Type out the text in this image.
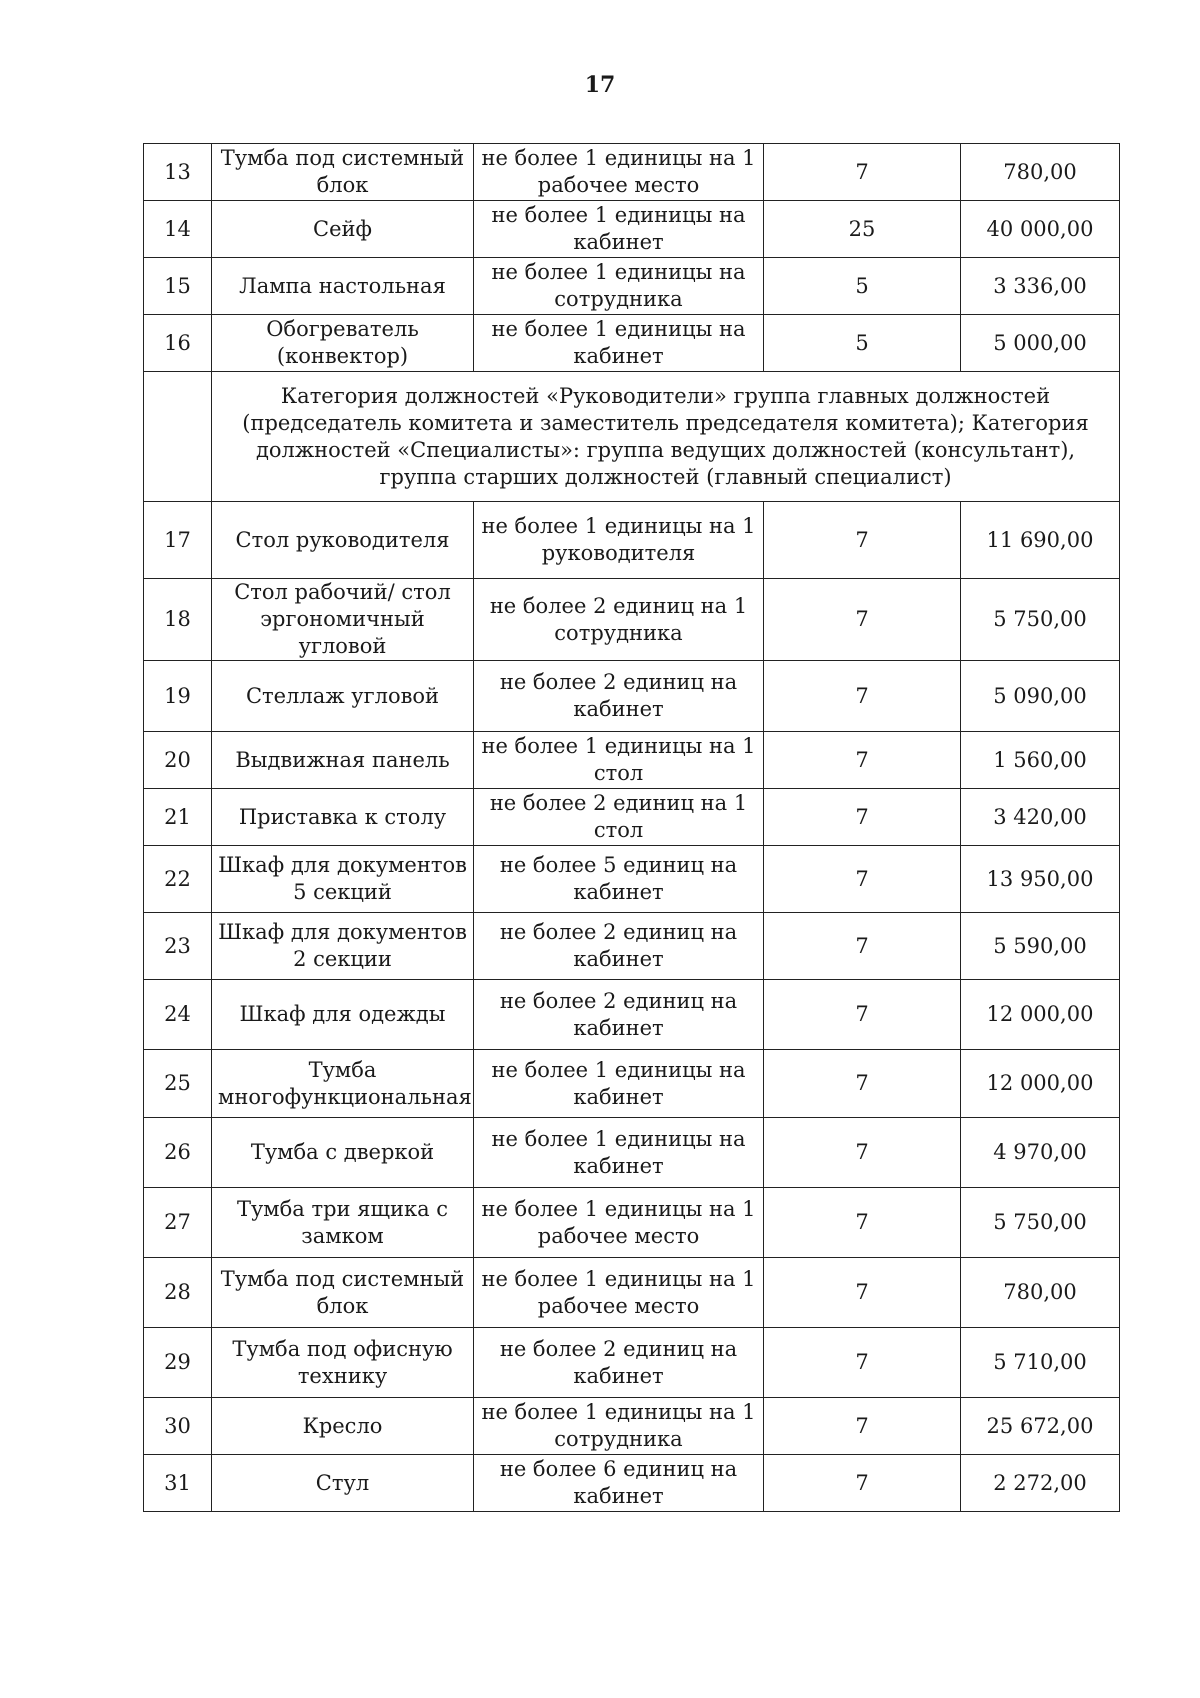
17
13	Тумба под системный блок	не более 1 единицы на 1 рабочее место	7	780,00
14	Сейф	не более 1 единицы на кабинет	25	40 000,00
15	Лампа настольная	не более 1 единицы на сотрудника	5	3 336,00
16	Обогреватель (конвектор)	не более 1 единицы на кабинет	5	5 000,00
	Категория должностей «Руководители» группа главных должностей (председатель комитета и заместитель председателя комитета); Категория должностей «Специалисты»: группа ведущих должностей (консультант), группа старших должностей (главный специалист)			
17	Стол руководителя	не более 1 единицы на 1 руководителя	7	11 690,00
18	Стол рабочий/ стол эргономичный угловой	не более 2 единиц на 1 сотрудника	7	5 750,00
19	Стеллаж угловой	не более 2 единиц на кабинет	7	5 090,00
20	Выдвижная панель	не более 1 единицы на 1 стол	7	1 560,00
21	Приставка к столу	не более 2 единиц на 1 стол	7	3 420,00
22	Шкаф для документов 5 секций	не более 5 единиц на кабинет	7	13 950,00
23	Шкаф для документов 2 секции	не более 2 единиц на кабинет	7	5 590,00
24	Шкаф для одежды	не более 2 единиц на кабинет	7	12 000,00
25	Тумба многофункциональная	не более 1 единицы на кабинет	7	12 000,00
26	Тумба с дверкой	не более 1 единицы на кабинет	7	4 970,00
27	Тумба три ящика с замком	не более 1 единицы на 1 рабочее место	7	5 750,00
28	Тумба под системный блок	не более 1 единицы на 1 рабочее место	7	780,00
29	Тумба под офисную технику	не более 2 единиц на кабинет	7	5 710,00
30	Кресло	не более 1 единицы на 1 сотрудника	7	25 672,00
31	Стул	не более 6 единиц на кабинет	7	2 272,00
